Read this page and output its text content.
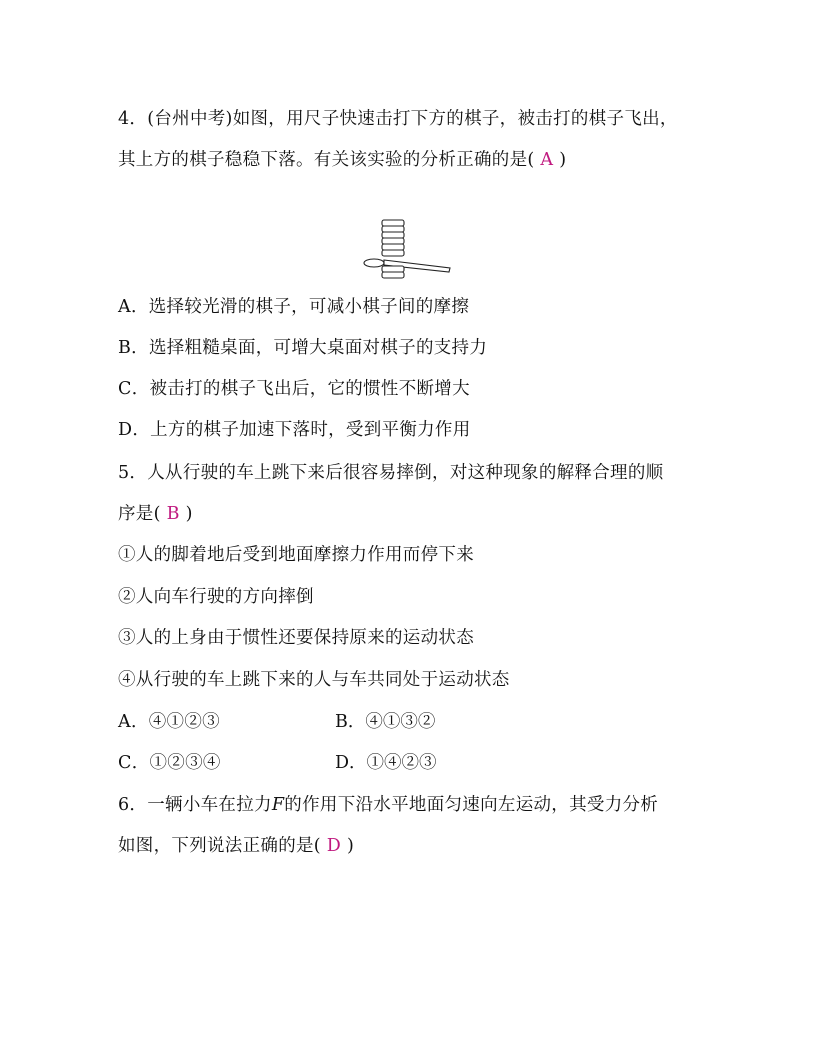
4．(台州中考)如图，用尺子快速击打下方的棋子，被击打的棋子飞出，
其上方的棋子稳稳下落。有关该实验的分析正确的是( A )
A．选择较光滑的棋子，可减小棋子间的摩擦
B．选择粗糙桌面，可增大桌面对棋子的支持力
C．被击打的棋子飞出后，它的惯性不断增大
D．上方的棋子加速下落时，受到平衡力作用
5．人从行驶的车上跳下来后很容易摔倒，对这种现象的解释合理的顺
序是( B )
①人的脚着地后受到地面摩擦力作用而停下来
②人向车行驶的方向摔倒
③人的上身由于惯性还要保持原来的运动状态
④从行驶的车上跳下来的人与车共同处于运动状态
A．④①②③	B．④①③②
C．①②③④	D．①④②③
6．一辆小车在拉力F的作用下沿水平地面匀速向左运动，其受力分析
如图，下列说法正确的是( D )
